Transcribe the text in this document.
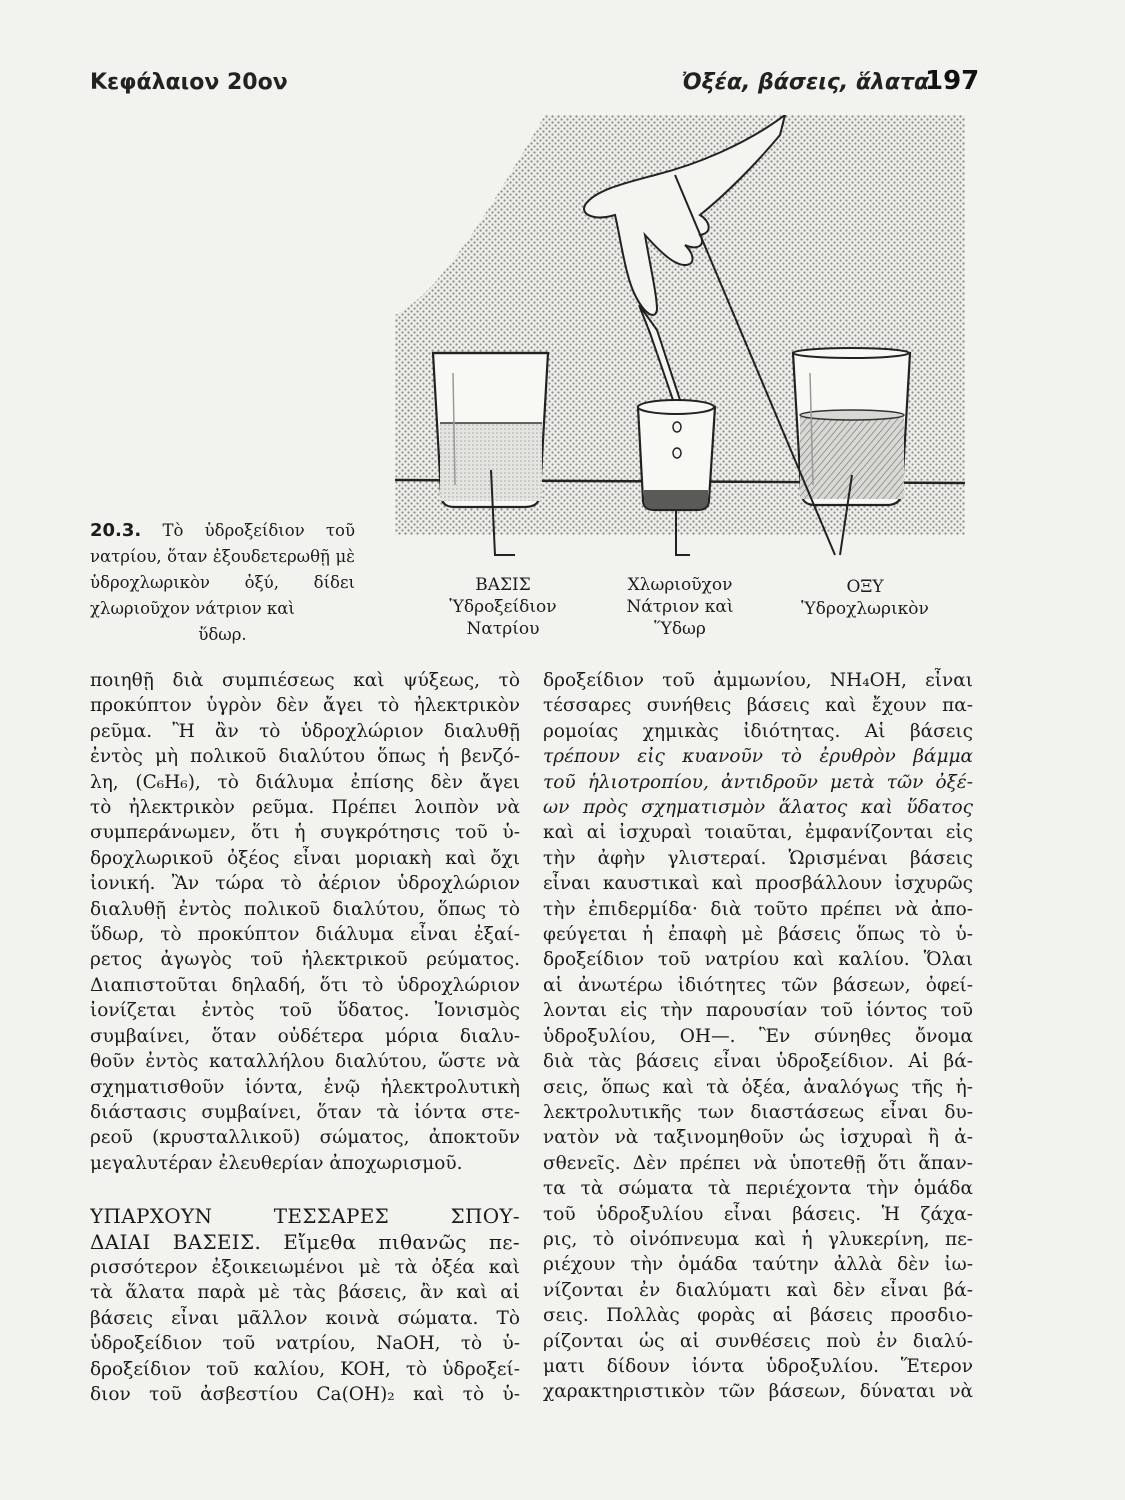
Κεφάλαιον 20ον	Ὀξέα, βάσεις, ἅλατα
197
ΒΑΣΙΣ
Ὑδροξείδιον
Νατρίου
Χλωριοῦχον
Νάτριον καὶ
Ὕδωρ
ΟΞΥ
Ὑδροχλωρικὸν
20.3. Τὸ ὑδροξείδιον τοῦ νατρίου, ὅταν ἐξουδετερωθῇ μὲ ὑδροχλωρικὸν ὀξύ, δίδει χλωριοῦχον νάτριον καὶ
ὕδωρ.
ποιηθῇ διὰ συμπιέσεως καὶ ψύξεως, τὸ
προκύπτον ὑγρὸν δὲν ἄγει τὸ ἠλεκτρικὸν
ρεῦμα. Ἢ ἂν τὸ ὑδροχλώριον διαλυθῇ
ἐντὸς μὴ πολικοῦ διαλύτου ὅπως ἡ βενζό-
λη, (C₆H₆), τὸ διάλυμα ἐπίσης δὲν ἄγει
τὸ ἠλεκτρικὸν ρεῦμα. Πρέπει λοιπὸν νὰ
συμπεράνωμεν, ὅτι ἡ συγκρότησις τοῦ ὑ-
δροχλωρικοῦ ὀξέος εἶναι μοριακὴ καὶ ὄχι
ἰονική. Ἂν τώρα τὸ ἀέριον ὑδροχλώριον
διαλυθῇ ἐντὸς πολικοῦ διαλύτου, ὅπως τὸ
ὕδωρ, τὸ προκύπτον διάλυμα εἶναι ἐξαί-
ρετος ἀγωγὸς τοῦ ἠλεκτρικοῦ ρεύματος.
Διαπιστοῦται δηλαδή, ὅτι τὸ ὑδροχλώριον
ἰονίζεται ἐντὸς τοῦ ὕδατος. Ἰονισμὸς
συμβαίνει, ὅταν οὐδέτερα μόρια διαλυ-
θοῦν ἐντὸς καταλλήλου διαλύτου, ὥστε νὰ
σχηματισθοῦν ἰόντα, ἐνῷ ἠλεκτρολυτικὴ
διάστασις συμβαίνει, ὅταν τὰ ἰόντα στε-
ρεοῦ (κρυσταλλικοῦ) σώματος, ἀποκτοῦν
μεγαλυτέραν ἐλευθερίαν ἀποχωρισμοῦ.
ΥΠΑΡΧΟΥΝ ΤΕΣΣΑΡΕΣ ΣΠΟΥ-
ΔΑΙΑΙ ΒΑΣΕΙΣ. Εἴμεθα πιθανῶς πε-
ρισσότερον ἐξοικειωμένοι μὲ τὰ ὀξέα καὶ
τὰ ἅλατα παρὰ μὲ τὰς βάσεις, ἂν καὶ αἱ
βάσεις εἶναι μᾶλλον κοινὰ σώματα. Τὸ
ὑδροξείδιον τοῦ νατρίου, NaOH, τὸ ὑ-
δροξείδιον τοῦ καλίου, KOH, τὸ ὑδροξεί-
διον τοῦ ἀσβεστίου Ca(OH)₂ καὶ τὸ ὑ-
δροξείδιον τοῦ ἀμμωνίου, NH₄OH, εἶναι
τέσσαρες συνήθεις βάσεις καὶ ἔχουν πα-
ρομοίας χημικὰς ἰδιότητας. Αἱ βάσεις
τρέπουν εἰς κυανοῦν τὸ ἐρυθρὸν βάμμα
τοῦ ἡλιοτροπίου, ἀντιδροῦν μετὰ τῶν ὀξέ-
ων πρὸς σχηματισμὸν ἅλατος καὶ ὕδατος
καὶ αἱ ἰσχυραὶ τοιαῦται, ἐμφανίζονται εἰς
τὴν ἀφὴν γλιστεραί. Ὡρισμέναι βάσεις
εἶναι καυστικαὶ καὶ προσβάλλουν ἰσχυρῶς
τὴν ἐπιδερμίδα· διὰ τοῦτο πρέπει νὰ ἀπο-
φεύγεται ἡ ἐπαφὴ μὲ βάσεις ὅπως τὸ ὑ-
δροξείδιον τοῦ νατρίου καὶ καλίου. Ὅλαι
αἱ ἀνωτέρω ἰδιότητες τῶν βάσεων, ὀφεί-
λονται εἰς τὴν παρουσίαν τοῦ ἰόντος τοῦ
ὑδροξυλίου, OH—. Ἓν σύνηθες ὄνομα
διὰ τὰς βάσεις εἶναι ὑδροξείδιον. Αἱ βά-
σεις, ὅπως καὶ τὰ ὀξέα, ἀναλόγως τῆς ἠ-
λεκτρολυτικῆς των διαστάσεως εἶναι δυ-
νατὸν νὰ ταξινομηθοῦν ὡς ἰσχυραὶ ἢ ἀ-
σθενεῖς. Δὲν πρέπει νὰ ὑποτεθῇ ὅτι ἅπαν-
τα τὰ σώματα τὰ περιέχοντα τὴν ὁμάδα
τοῦ ὑδροξυλίου εἶναι βάσεις. Ἡ ζάχα-
ρις, τὸ οἰνόπνευμα καὶ ἡ γλυκερίνη, πε-
ριέχουν τὴν ὁμάδα ταύτην ἀλλὰ δὲν ἰω-
νίζονται ἐν διαλύματι καὶ δὲν εἶναι βά-
σεις. Πολλὰς φορὰς αἱ βάσεις προσδιο-
ρίζονται ὡς αἱ συνθέσεις ποὺ ἐν διαλύ-
ματι δίδουν ἰόντα ὑδροξυλίου. Ἕτερον
χαρακτηριστικὸν τῶν βάσεων, δύναται νὰ
